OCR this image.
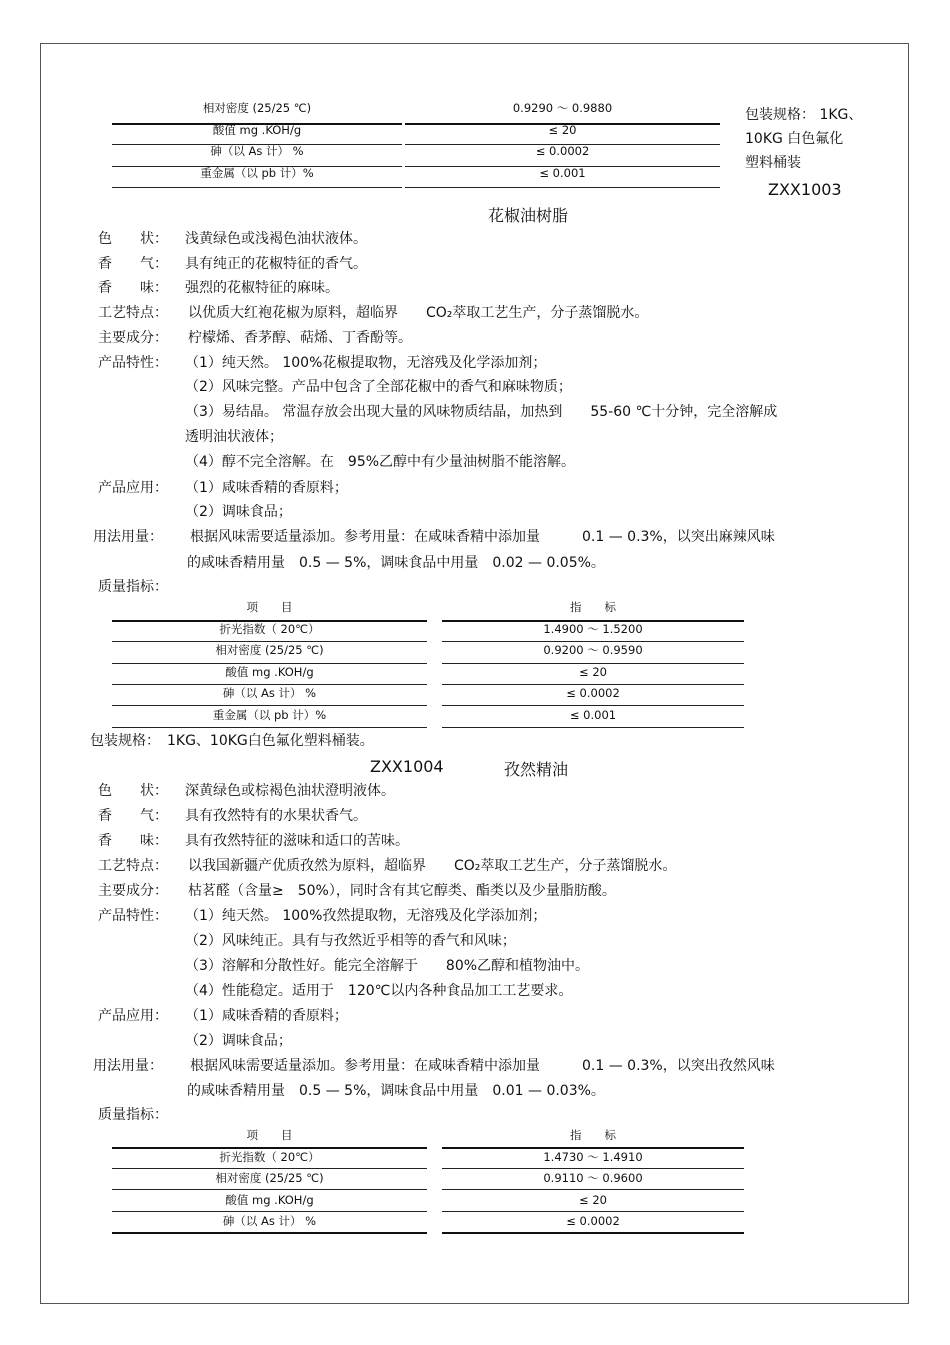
相对密度 (25/25 ℃)	0.9290 ～ 0.9880
酸值 mg .KOH/g	≤ 20
砷（以 As 计） %	≤ 0.0002
重金属（以 pb 计）%	≤ 0.001
包装规格： 1KG、
10KG 白色氟化
塑料桶装
ZXX1003
花椒油树脂
色　　状： 浅黄绿色或浅褐色油状液体。
香　　气： 具有纯正的花椒特征的香气。
香　　味： 强烈的花椒特征的麻味。
工艺特点： 以优质大红袍花椒为原料，超临界　　CO₂萃取工艺生产，分子蒸馏脱水。
主要成分： 柠檬烯、香茅醇、萜烯、丁香酚等。
产品特性： （1）纯天然。 100%花椒提取物，无溶残及化学添加剂；
（2）风味完整。产品中包含了全部花椒中的香气和麻味物质；
（3）易结晶。 常温存放会出现大量的风味物质结晶，加热到　　55-60 ℃十分钟，完全溶解成
透明油状液体；
（4）醇不完全溶解。在　95%乙醇中有少量油树脂不能溶解。
产品应用： （1）咸味香精的香原料；
（2）调味食品；
用法用量： 根据风味需要适量添加。参考用量：在咸味香精中添加量　　　0.1 — 0.3%，以突出麻辣风味
的咸味香精用量　0.5 — 5%，调味食品中用量　0.02 — 0.05%。
质量指标：
项　　目	指　　标
折光指数（ 20℃）	1.4900 ～ 1.5200
相对密度 (25/25 ℃)	0.9200 ～ 0.9590
酸值 mg .KOH/g	≤ 20
砷（以 As 计） %	≤ 0.0002
重金属（以 pb 计）%	≤ 0.001
包装规格：　1KG、10KG白色氟化塑料桶装。
ZXX1004	孜然精油
色　　状： 深黄绿色或棕褐色油状澄明液体。
香　　气： 具有孜然特有的水果状香气。
香　　味： 具有孜然特征的滋味和适口的苦味。
工艺特点： 以我国新疆产优质孜然为原料，超临界　　CO₂萃取工艺生产，分子蒸馏脱水。
主要成分： 枯茗醛（含量≥　50%），同时含有其它醇类、酯类以及少量脂肪酸。
产品特性： （1）纯天然。 100%孜然提取物，无溶残及化学添加剂；
（2）风味纯正。具有与孜然近乎相等的香气和风味；
（3）溶解和分散性好。能完全溶解于　　80%乙醇和植物油中。
（4）性能稳定。适用于　120℃以内各种食品加工工艺要求。
产品应用： （1）咸味香精的香原料；
（2）调味食品；
用法用量： 根据风味需要适量添加。参考用量：在咸味香精中添加量　　　0.1 — 0.3%，以突出孜然风味
的咸味香精用量　0.5 — 5%，调味食品中用量　0.01 — 0.03%。
质量指标：
项　　目	指　　标
折光指数（ 20℃）	1.4730 ～ 1.4910
相对密度 (25/25 ℃)	0.9110 ～ 0.9600
酸值 mg .KOH/g	≤ 20
砷（以 As 计） %	≤ 0.0002
